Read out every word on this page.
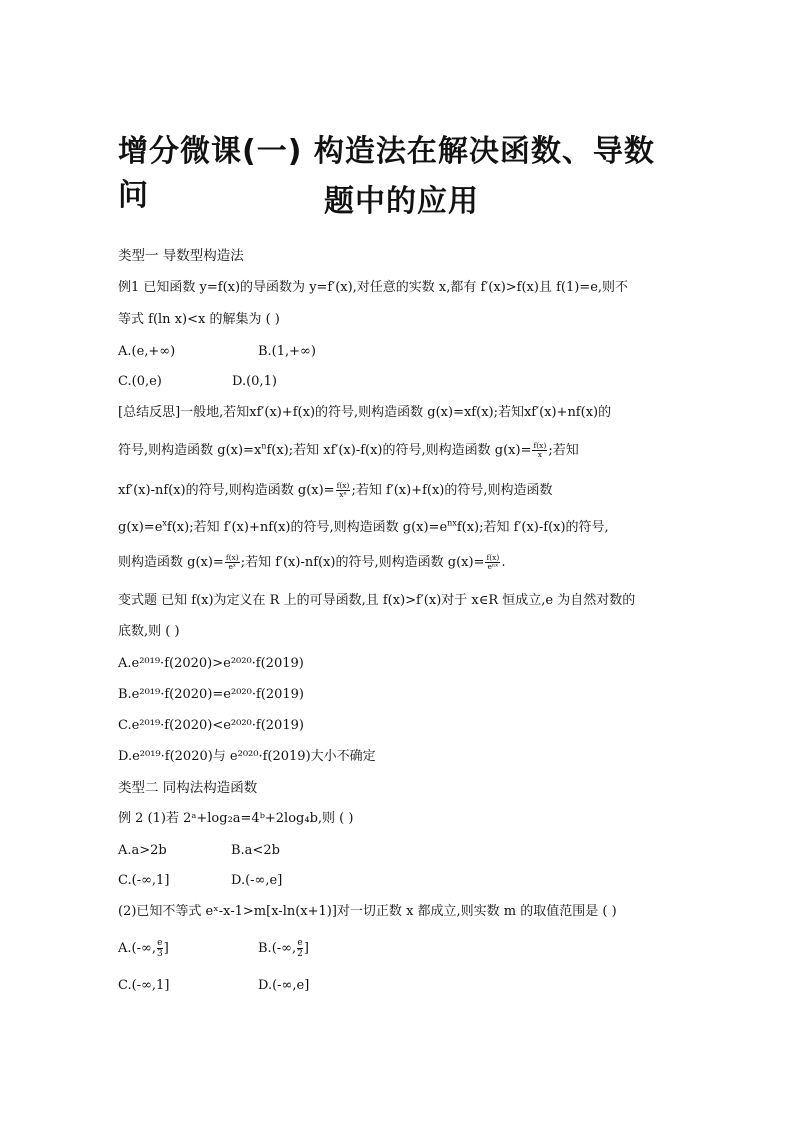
增分微课(一) 构造法在解决函数、导数问	题中的应用
类型一 导数型构造法
例1 已知函数 y=f(x)的导函数为 y=f′(x),对任意的实数 x,都有 f′(x)>f(x)且 f(1)=e,则不
等式 f(ln x)<x 的解集为 ( )
A.(e,+∞)	B.(1,+∞)
C.(0,e)	D.(0,1)
[总结反思]一般地,若知xf′(x)+f(x)的符号,则构造函数 g(x)=xf(x);若知xf′(x)+nf(x)的
符号,则构造函数 $g(x)=x^nf(x)$;若知 xf′(x)-f(x)的符号,则构造函数 $g(x)= \frac{f(x)}{x}$ ;若知
xf′(x)-nf(x)的符号,则构造函数 $g(x)= \frac{f(x)}{\text{xⁿ}}$ ;若知 f′(x)+f(x)的符号,则构造函数
$g(x)=e^xf(x)$;若知 f′(x)+nf(x)的符号,则构造函数 $g(x)=e^{nx}f(x)$;若知 f′(x)-f(x)的符号,
则构造函数 $g(x)= \frac{f(x)}{\text{eˣ}}$ ;若知 f′(x)-nf(x)的符号,则构造函数 $g(x)= \frac{f(x)}{\text{eⁿˣ}}$ .
变式题 已知 f(x)为定义在 R 上的可导函数,且 f(x)>f′(x)对于 x∈R 恒成立,e 为自然对数的
底数,则 ( )
A.e²⁰¹⁹·f(2020)>e²⁰²⁰·f(2019)
B.e²⁰¹⁹·f(2020)=e²⁰²⁰·f(2019)
C.e²⁰¹⁹·f(2020)<e²⁰²⁰·f(2019)
D.e²⁰¹⁹·f(2020)与 e²⁰²⁰·f(2019)大小不确定
类型二 同构法构造函数
例 2 (1)若 2ᵃ+log₂a=4ᵇ+2log₄b,则 ( )
A.a>2b	B.a<2b
C.(-∞,1]	D.(-∞,e]
(2)已知不等式 eˣ-x-1>m[x-ln(x+1)]对一切正数 x 都成立,则实数 m 的取值范围是 ( )
A.(-∞, $\frac{e}{3}$]	B.(-∞, $\frac{e}{2}$]
C.(-∞,1]	D.(-∞,e]
